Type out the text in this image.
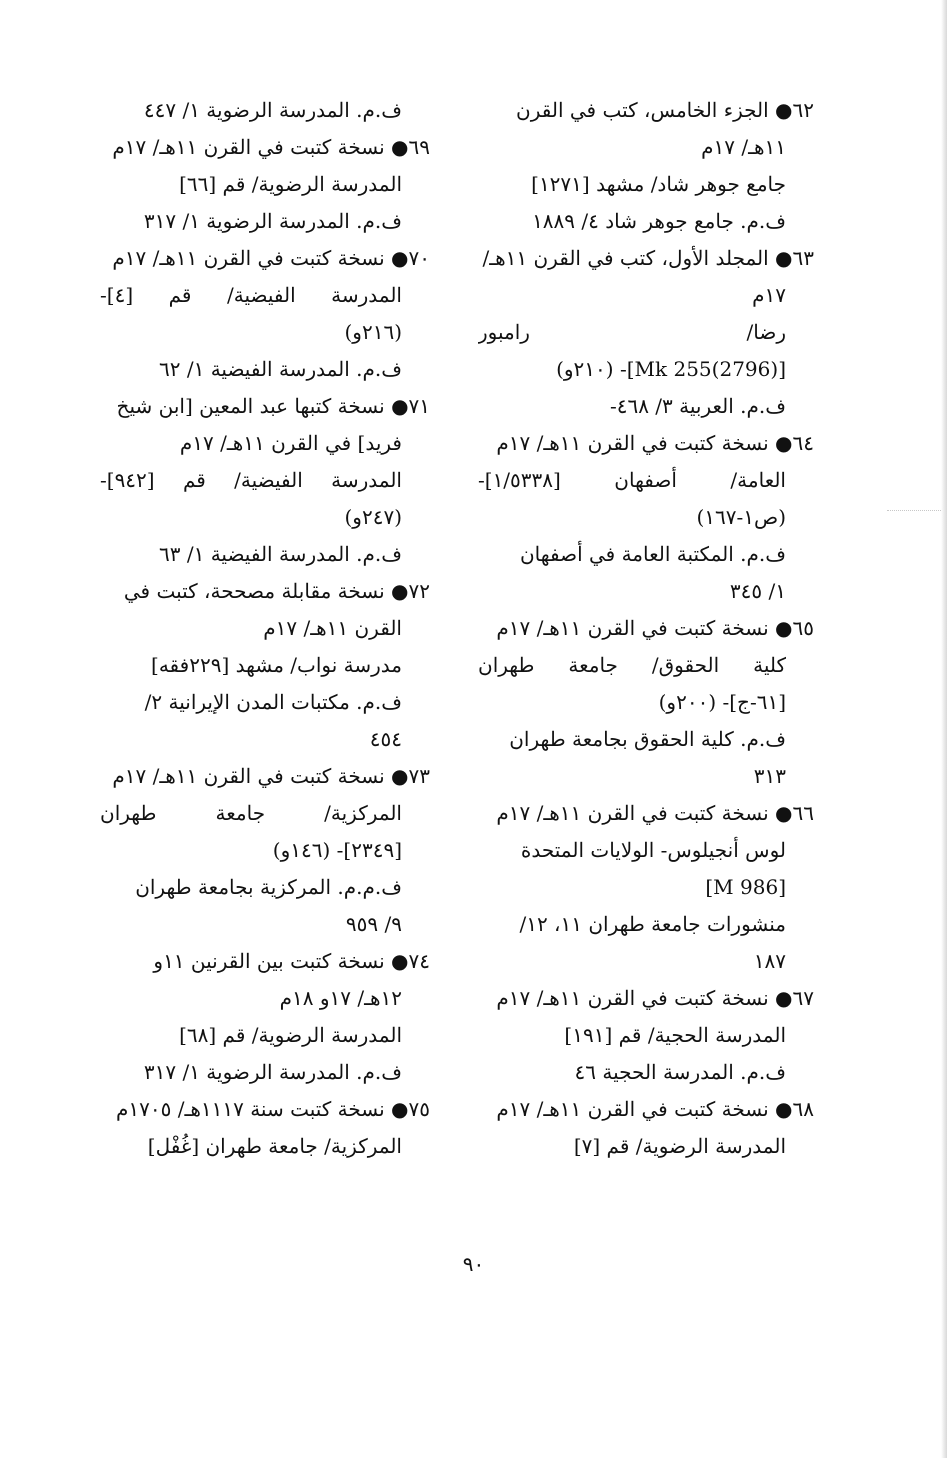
٦٢● الجزء الخامس، كتب في القرن
١١هـ/ ١٧م
جامع جوهر شاد/ مشهد [١٢٧١]
ف.م. جامع جوهر شاد ٤/ ١٨٨٩
٦٣● المجلد الأول، كتب في القرن ١١هـ/
١٧م
رضا/ رامبور
[(2796)255 Mk]- (٢١٠و)
ف.م. العربية ٣/ ٤٦٨-
٦٤● نسخة كتبت في القرن ١١هـ/ ١٧م
العامة/ أصفهان [١/٥٣٣٨]-
(ص١-١٦٧)
ف.م. المكتبة العامة في أصفهان
١/ ٣٤٥
٦٥● نسخة كتبت في القرن ١١هـ/ ١٧م
كلية الحقوق/ جامعة طهران
[٦١-ج]- (٢٠٠و)
ف.م. كلية الحقوق بجامعة طهران
٣١٣
٦٦● نسخة كتبت في القرن ١١هـ/ ١٧م
لوس أنجيلوس- الولايات المتحدة
[M 986]
منشورات جامعة طهران ١١، ١٢/
١٨٧
٦٧● نسخة كتبت في القرن ١١هـ/ ١٧م
المدرسة الحجية/ قم [١٩١]
ف.م. المدرسة الحجية ٤٦
٦٨● نسخة كتبت في القرن ١١هـ/ ١٧م
المدرسة الرضوية/ قم [٧]
ف.م. المدرسة الرضوية ١/ ٤٤٧
٦٩● نسخة كتبت في القرن ١١هـ/ ١٧م
المدرسة الرضوية/ قم [٦٦]
ف.م. المدرسة الرضوية ١/ ٣١٧
٧٠● نسخة كتبت في القرن ١١هـ/ ١٧م
المدرسة الفيضية/ قم [٤]-
(٢١٦و)
ف.م. المدرسة الفيضية ١/ ٦٢
٧١● نسخة كتبها عبد المعين [ابن شيخ
فريد] في القرن ١١هـ/ ١٧م
المدرسة الفيضية/ قم [٩٤٢]-
(٢٤٧و)
ف.م. المدرسة الفيضية ١/ ٦٣
٧٢● نسخة مقابلة مصححة، كتبت في
القرن ١١هـ/ ١٧م
مدرسة نواب/ مشهد [٢٢٩فقه]
ف.م. مكتبات المدن الإيرانية ٢/
٤٥٤
٧٣● نسخة كتبت في القرن ١١هـ/ ١٧م
المركزية/ جامعة طهران
[٢٣٤٩]- (١٤٦و)
ف.م.م. المركزية بجامعة طهران
٩/ ٩٥٩
٧٤● نسخة كتبت بين القرنين ١١و
١٢هـ/ ١٧و ١٨م
المدرسة الرضوية/ قم [٦٨]
ف.م. المدرسة الرضوية ١/ ٣١٧
٧٥● نسخة كتبت سنة ١١١٧هـ/ ١٧٠٥م
المركزية/ جامعة طهران [غُفْل]
٩٠
